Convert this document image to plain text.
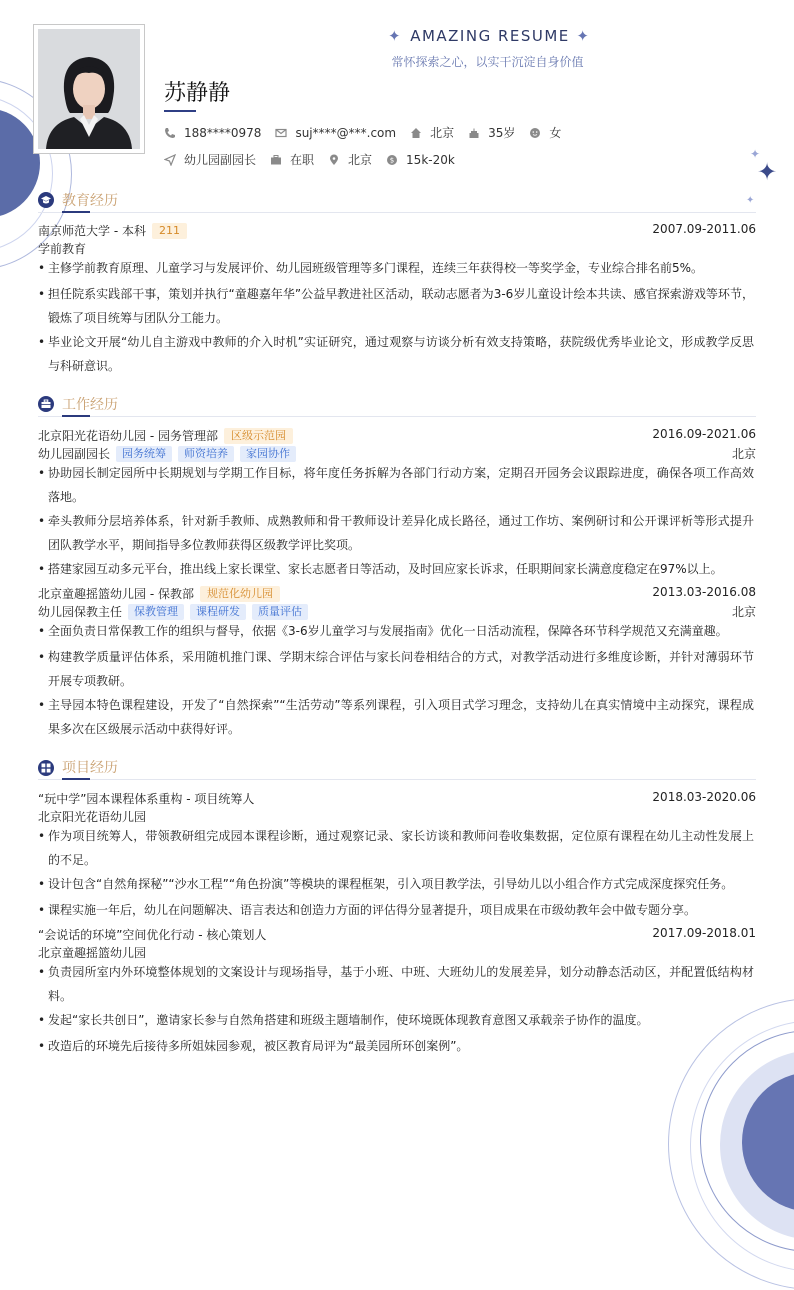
✦
✦
✦
✦ AMAZING RESUME ✦
常怀探索之心，以实干沉淀自身价值
苏静静
188****0978	suj****@***.com	北京	35岁	女
幼儿园副园长	在职	北京	$ 15k-20k
教育经历
南京师范大学 - 本科	211	2007.09-2011.06
学前教育
• 主修学前教育原理、儿童学习与发展评价、幼儿园班级管理等多门课程，连续三年获得校一等奖学金，专业综合排名前5%。
• 担任院系实践部干事，策划并执行“童趣嘉年华”公益早教进社区活动，联动志愿者为3-6岁儿童设计绘本共读、感官探索游戏等环节，锻炼了项目统筹与团队分工能力。
• 毕业论文开展“幼儿自主游戏中教师的介入时机”实证研究，通过观察与访谈分析有效支持策略，获院级优秀毕业论文，形成教学反思与科研意识。
工作经历
北京阳光花语幼儿园 - 园务管理部	区级示范园	2016.09-2021.06
幼儿园副园长	园务统筹	师资培养	家园协作	北京
• 协助园长制定园所中长期规划与学期工作目标，将年度任务拆解为各部门行动方案，定期召开园务会议跟踪进度，确保各项工作高效落地。
• 牵头教师分层培养体系，针对新手教师、成熟教师和骨干教师设计差异化成长路径，通过工作坊、案例研讨和公开课评析等形式提升团队教学水平，期间指导多位教师获得区级教学评比奖项。
• 搭建家园互动多元平台，推出线上家长课堂、家长志愿者日等活动，及时回应家长诉求，任职期间家长满意度稳定在97%以上。
北京童趣摇篮幼儿园 - 保教部	规范化幼儿园	2013.03-2016.08
幼儿园保教主任	保教管理	课程研发	质量评估	北京
• 全面负责日常保教工作的组织与督导，依据《3-6岁儿童学习与发展指南》优化一日活动流程，保障各环节科学规范又充满童趣。
• 构建教学质量评估体系，采用随机推门课、学期末综合评估与家长问卷相结合的方式，对教学活动进行多维度诊断，并针对薄弱环节开展专项教研。
• 主导园本特色课程建设，开发了“自然探索”“生活劳动”等系列课程，引入项目式学习理念，支持幼儿在真实情境中主动探究，课程成果多次在区级展示活动中获得好评。
项目经历
“玩中学”园本课程体系重构 - 项目统筹人	2018.03-2020.06
北京阳光花语幼儿园
• 作为项目统筹人，带领教研组完成园本课程诊断，通过观察记录、家长访谈和教师问卷收集数据，定位原有课程在幼儿主动性发展上的不足。
• 设计包含“自然角探秘”“沙水工程”“角色扮演”等模块的课程框架，引入项目教学法，引导幼儿以小组合作方式完成深度探究任务。
• 课程实施一年后，幼儿在问题解决、语言表达和创造力方面的评估得分显著提升，项目成果在市级幼教年会中做专题分享。
“会说话的环境”空间优化行动 - 核心策划人	2017.09-2018.01
北京童趣摇篮幼儿园
• 负责园所室内外环境整体规划的文案设计与现场指导，基于小班、中班、大班幼儿的发展差异，划分动静态活动区，并配置低结构材料。
• 发起“家长共创日”，邀请家长参与自然角搭建和班级主题墙制作，使环境既体现教育意图又承载亲子协作的温度。
• 改造后的环境先后接待多所姐妹园参观，被区教育局评为“最美园所环创案例”。
